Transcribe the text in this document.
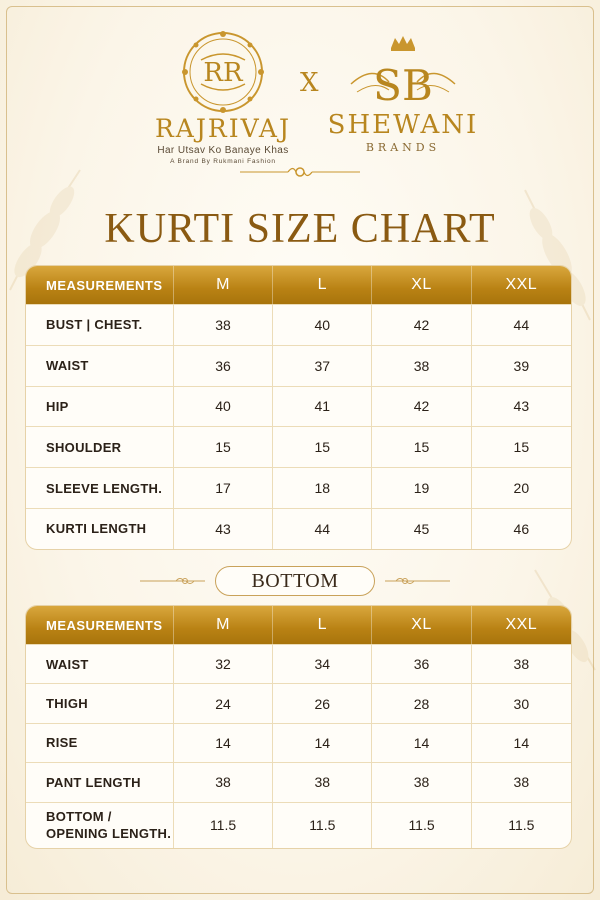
RR
RAJRIVAJ
Har Utsav Ko Banaye Khas
A Brand By Rukmani Fashion
X SB
SHEWANI
BRANDS
KURTI SIZE CHART
MEASUREMENTS	M	L	XL	XXL
BUST | CHEST.	38	40	42	44
WAIST	36	37	38	39
HIP	40	41	42	43
SHOULDER	15	15	15	15
SLEEVE LENGTH.	17	18	19	20
KURTI LENGTH	43	44	45	46
BOTTOM
MEASUREMENTS	M	L	XL	XXL
WAIST	32	34	36	38
THIGH	24	26	28	30
RISE	14	14	14	14
PANT LENGTH	38	38	38	38
BOTTOM /
OPENING LENGTH.	11.5	11.5	11.5	11.5
